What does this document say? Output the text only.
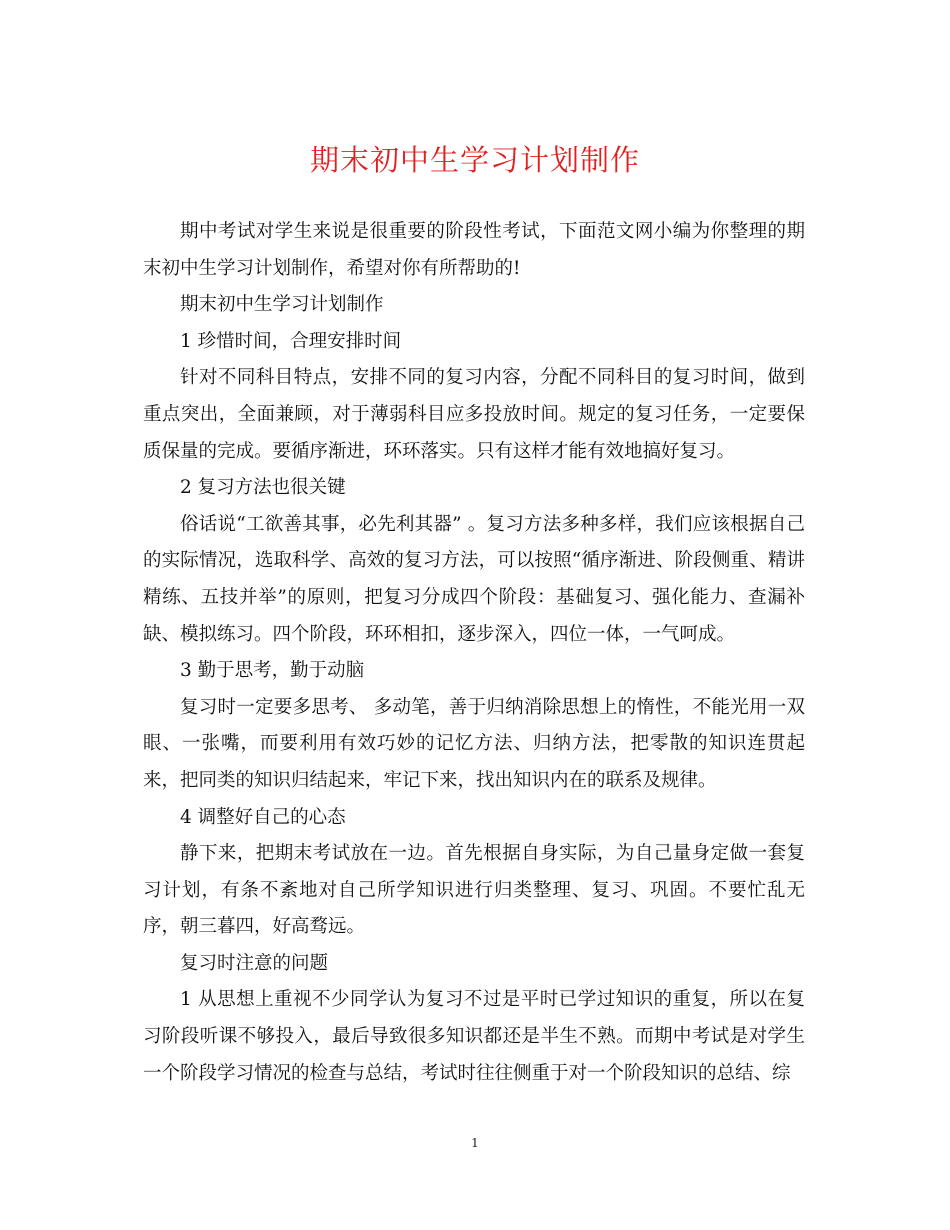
期末初中生学习计划制作

期中考试对学生来说是很重要的阶段性考试，下面范文网小编为你整理的期末初中生学习计划制作，希望对你有所帮助的!

期末初中生学习计划制作

1 珍惜时间，合理安排时间

针对不同科目特点，安排不同的复习内容，分配不同科目的复习时间，做到重点突出，全面兼顾，对于薄弱科目应多投放时间。规定的复习任务，一定要保质保量的完成。要循序渐进，环环落实。只有这样才能有效地搞好复习。

2 复习方法也很关键

俗话说“工欲善其事，必先利其器” 。复习方法多种多样，我们应该根据自己的实际情况，选取科学、高效的复习方法，可以按照“循序渐进、阶段侧重、精讲精练、五技并举”的原则，把复习分成四个阶段：基础复习、强化能力、查漏补缺、模拟练习。四个阶段，环环相扣，逐步深入，四位一体，一气呵成。

3 勤于思考，勤于动脑

复习时一定要多思考、 多动笔，善于归纳消除思想上的惰性，不能光用一双眼、一张嘴，而要利用有效巧妙的记忆方法、归纳方法，把零散的知识连贯起来，把同类的知识归结起来，牢记下来，找出知识内在的联系及规律。

4 调整好自己的心态

静下来，把期末考试放在一边。首先根据自身实际，为自己量身定做一套复习计划，有条不紊地对自己所学知识进行归类整理、复习、巩固。不要忙乱无序，朝三暮四，好高骛远。

复习时注意的问题

1 从思想上重视不少同学认为复习不过是平时已学过知识的重复，所以在复习阶段听课不够投入，最后导致很多知识都还是半生不熟。而期中考试是对学生一个阶段学习情况的检查与总结，考试时往往侧重于对一个阶段知识的总结、综

1
